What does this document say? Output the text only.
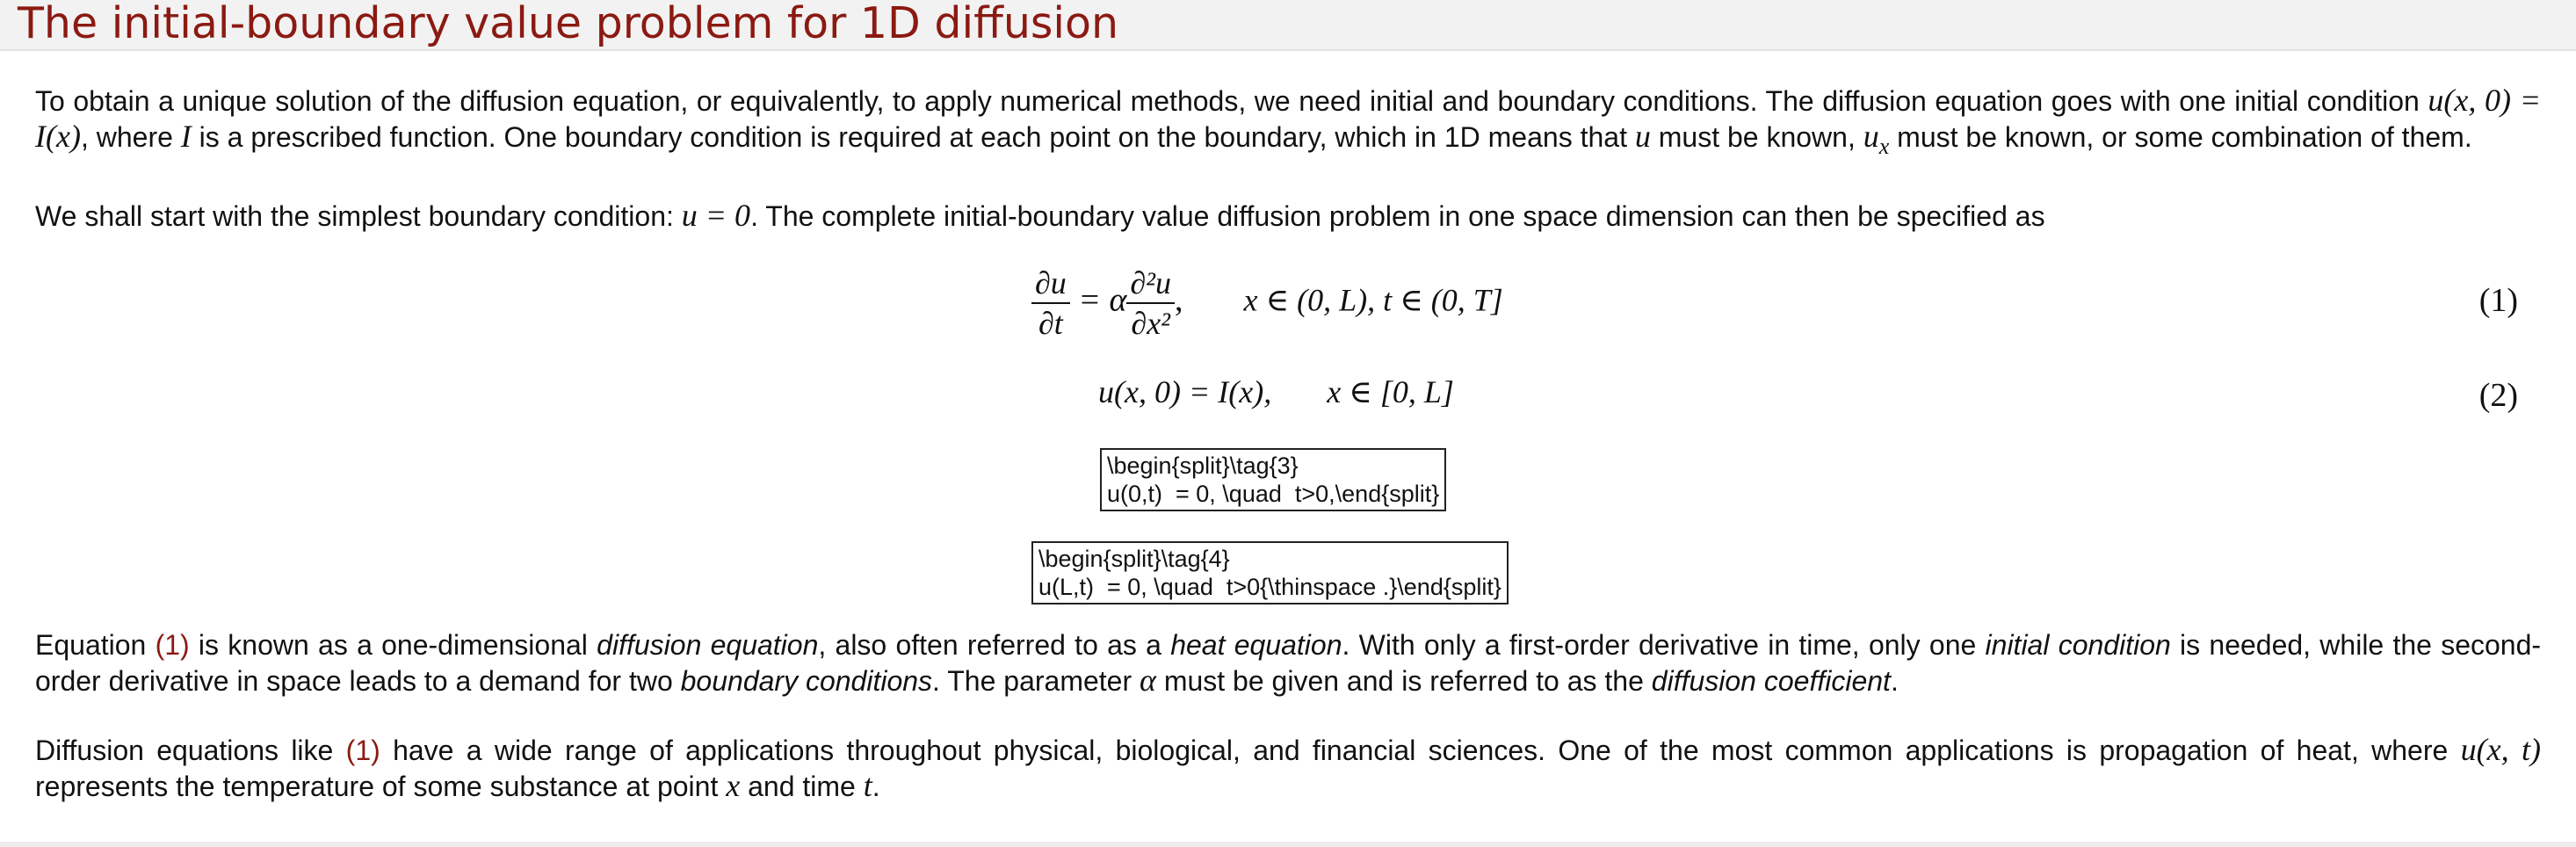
The initial-boundary value problem for 1D diffusion

To obtain a unique solution of the diffusion equation, or equivalently, to apply numerical methods, we need initial and boundary conditions. The diffusion equation goes with one initial condition u(x, 0) = I(x), where I is a prescribed function. One boundary condition is required at each point on the boundary, which in 1D means that u must be known, $u_x$ must be known, or some combination of them.

We shall start with the simplest boundary condition: u = 0. The complete initial-boundary value diffusion problem in one space dimension can then be specified as

$\frac{\partial u}{\partial t} = \alpha \frac{\text{∂²u}}{\text{∂x²}}$ , x ∈ (0, L), t ∈ (0, T]	(1)
u(x, 0) = I(x), x ∈ [0, L]	(2)
\begin{split}\tag{3}
u(0,t)  = 0, \quad  t>0,\end{split}
\begin{split}\tag{4}
u(L,t)  = 0, \quad  t>0{\thinspace .}\end{split}

Equation (1) is known as a one-dimensional diffusion equation, also often referred to as a heat equation. With only a first-order derivative in time, only one initial condition is needed, while the second-order derivative in space leads to a demand for two boundary conditions. The parameter α must be given and is referred to as the diffusion coefficient.

Diffusion equations like (1) have a wide range of applications throughout physical, biological, and financial sciences. One of the most common applications is propagation of heat, where u(x, t) represents the temperature of some substance at point x and time t.
